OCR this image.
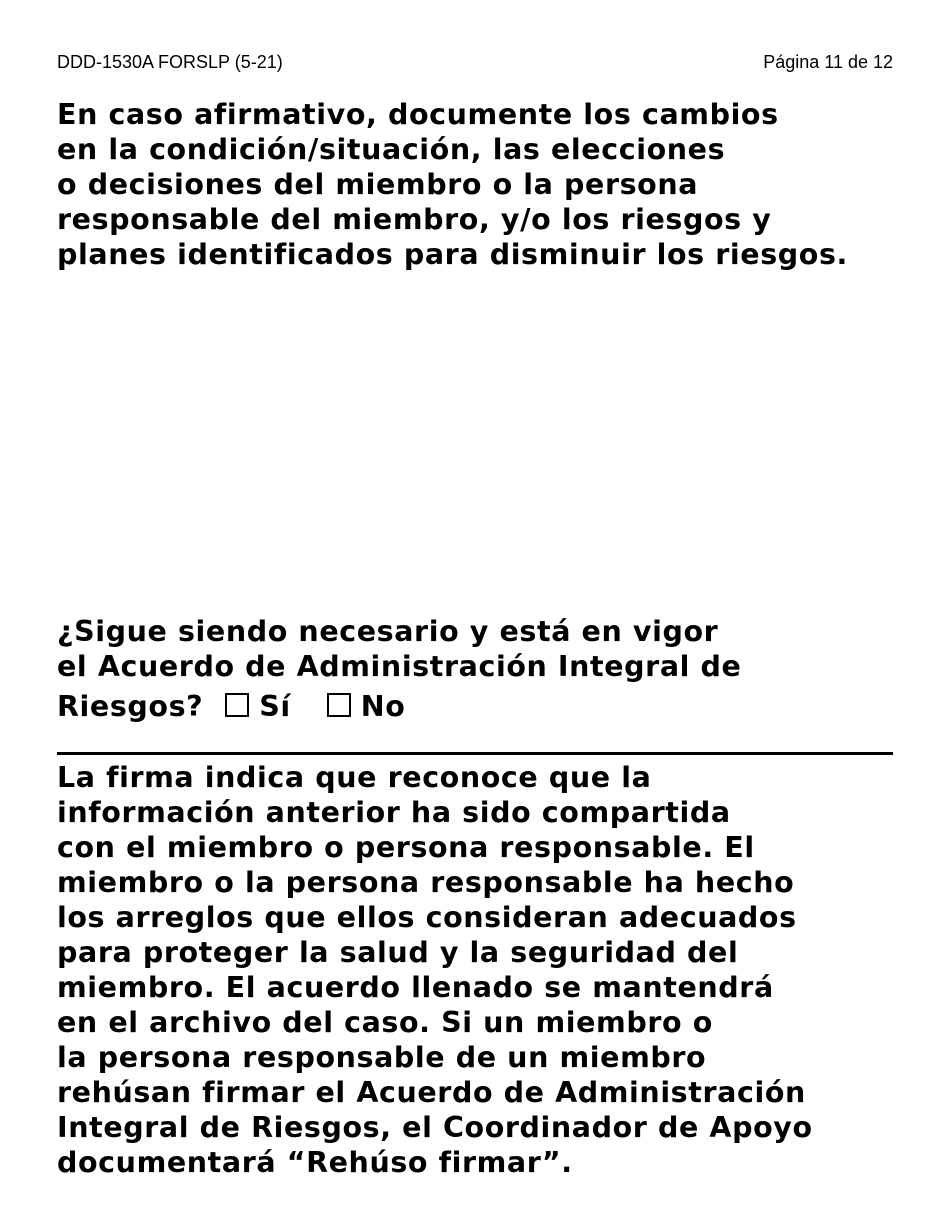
DDD-1530A FORSLP (5-21)	Página 11 de 12
En caso afirmativo, documente los cambios
en la condición/situación, las elecciones
o decisiones del miembro o la persona
responsable del miembro, y/o los riesgos y
planes identificados para disminuir los riesgos.
¿Sigue siendo necesario y está en vigor
el Acuerdo de Administración Integral de
Riesgos? Sí No
La firma indica que reconoce que la
información anterior ha sido compartida
con el miembro o persona responsable. El
miembro o la persona responsable ha hecho
los arreglos que ellos consideran adecuados
para proteger la salud y la seguridad del
miembro. El acuerdo llenado se mantendrá
en el archivo del caso. Si un miembro o
la persona responsable de un miembro
rehúsan firmar el Acuerdo de Administración
Integral de Riesgos, el Coordinador de Apoyo
documentará “Rehúso firmar”.
